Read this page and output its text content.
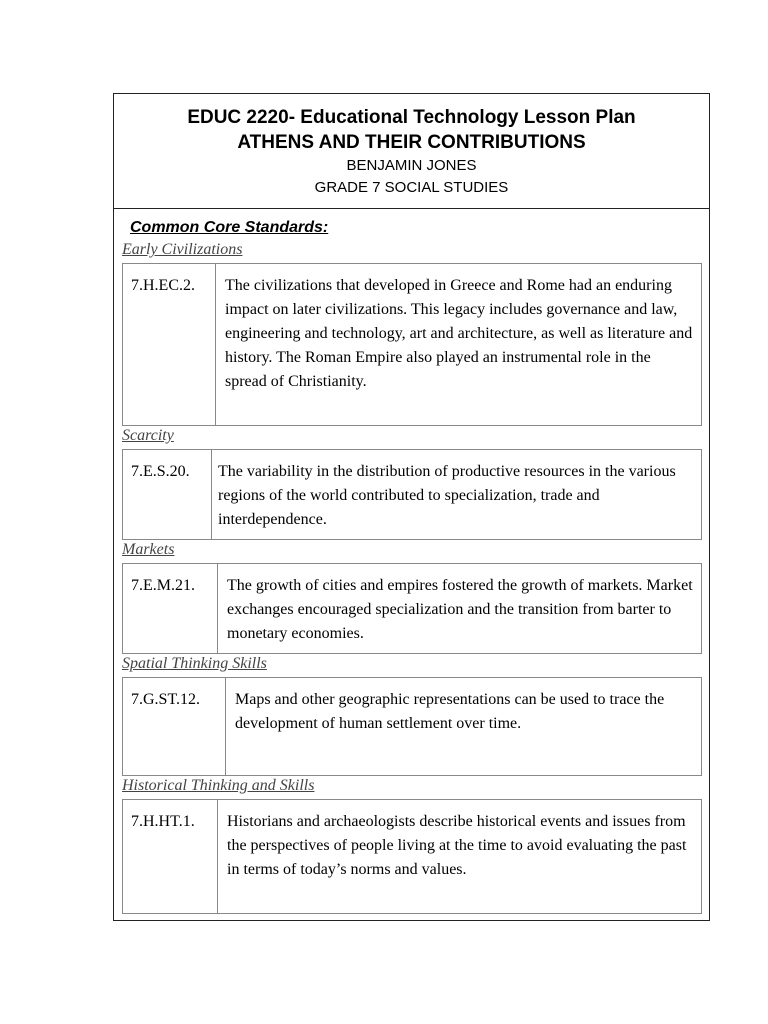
EDUC 2220- Educational Technology Lesson Plan
ATHENS AND THEIR CONTRIBUTIONS
BENJAMIN JONES
GRADE 7 SOCIAL STUDIES
Common Core Standards:
Early Civilizations
7.H.EC.2.	The civilizations that developed in Greece and Rome had an enduring impact on later civilizations. This legacy includes governance and law, engineering and technology, art and architecture, as well as literature and history. The Roman Empire also played an instrumental role in the spread of Christianity.
Scarcity
7.E.S.20.	The variability in the distribution of productive resources in the various regions of the world contributed to specialization, trade and interdependence.
Markets
7.E.M.21.	The growth of cities and empires fostered the growth of markets. Market exchanges encouraged specialization and the transition from barter to monetary economies.
Spatial Thinking Skills
7.G.ST.12.	Maps and other geographic representations can be used to trace the development of human settlement over time.
Historical Thinking and Skills
7.H.HT.1.	Historians and archaeologists describe historical events and issues from the perspectives of people living at the time to avoid evaluating the past in terms of today’s norms and values.
